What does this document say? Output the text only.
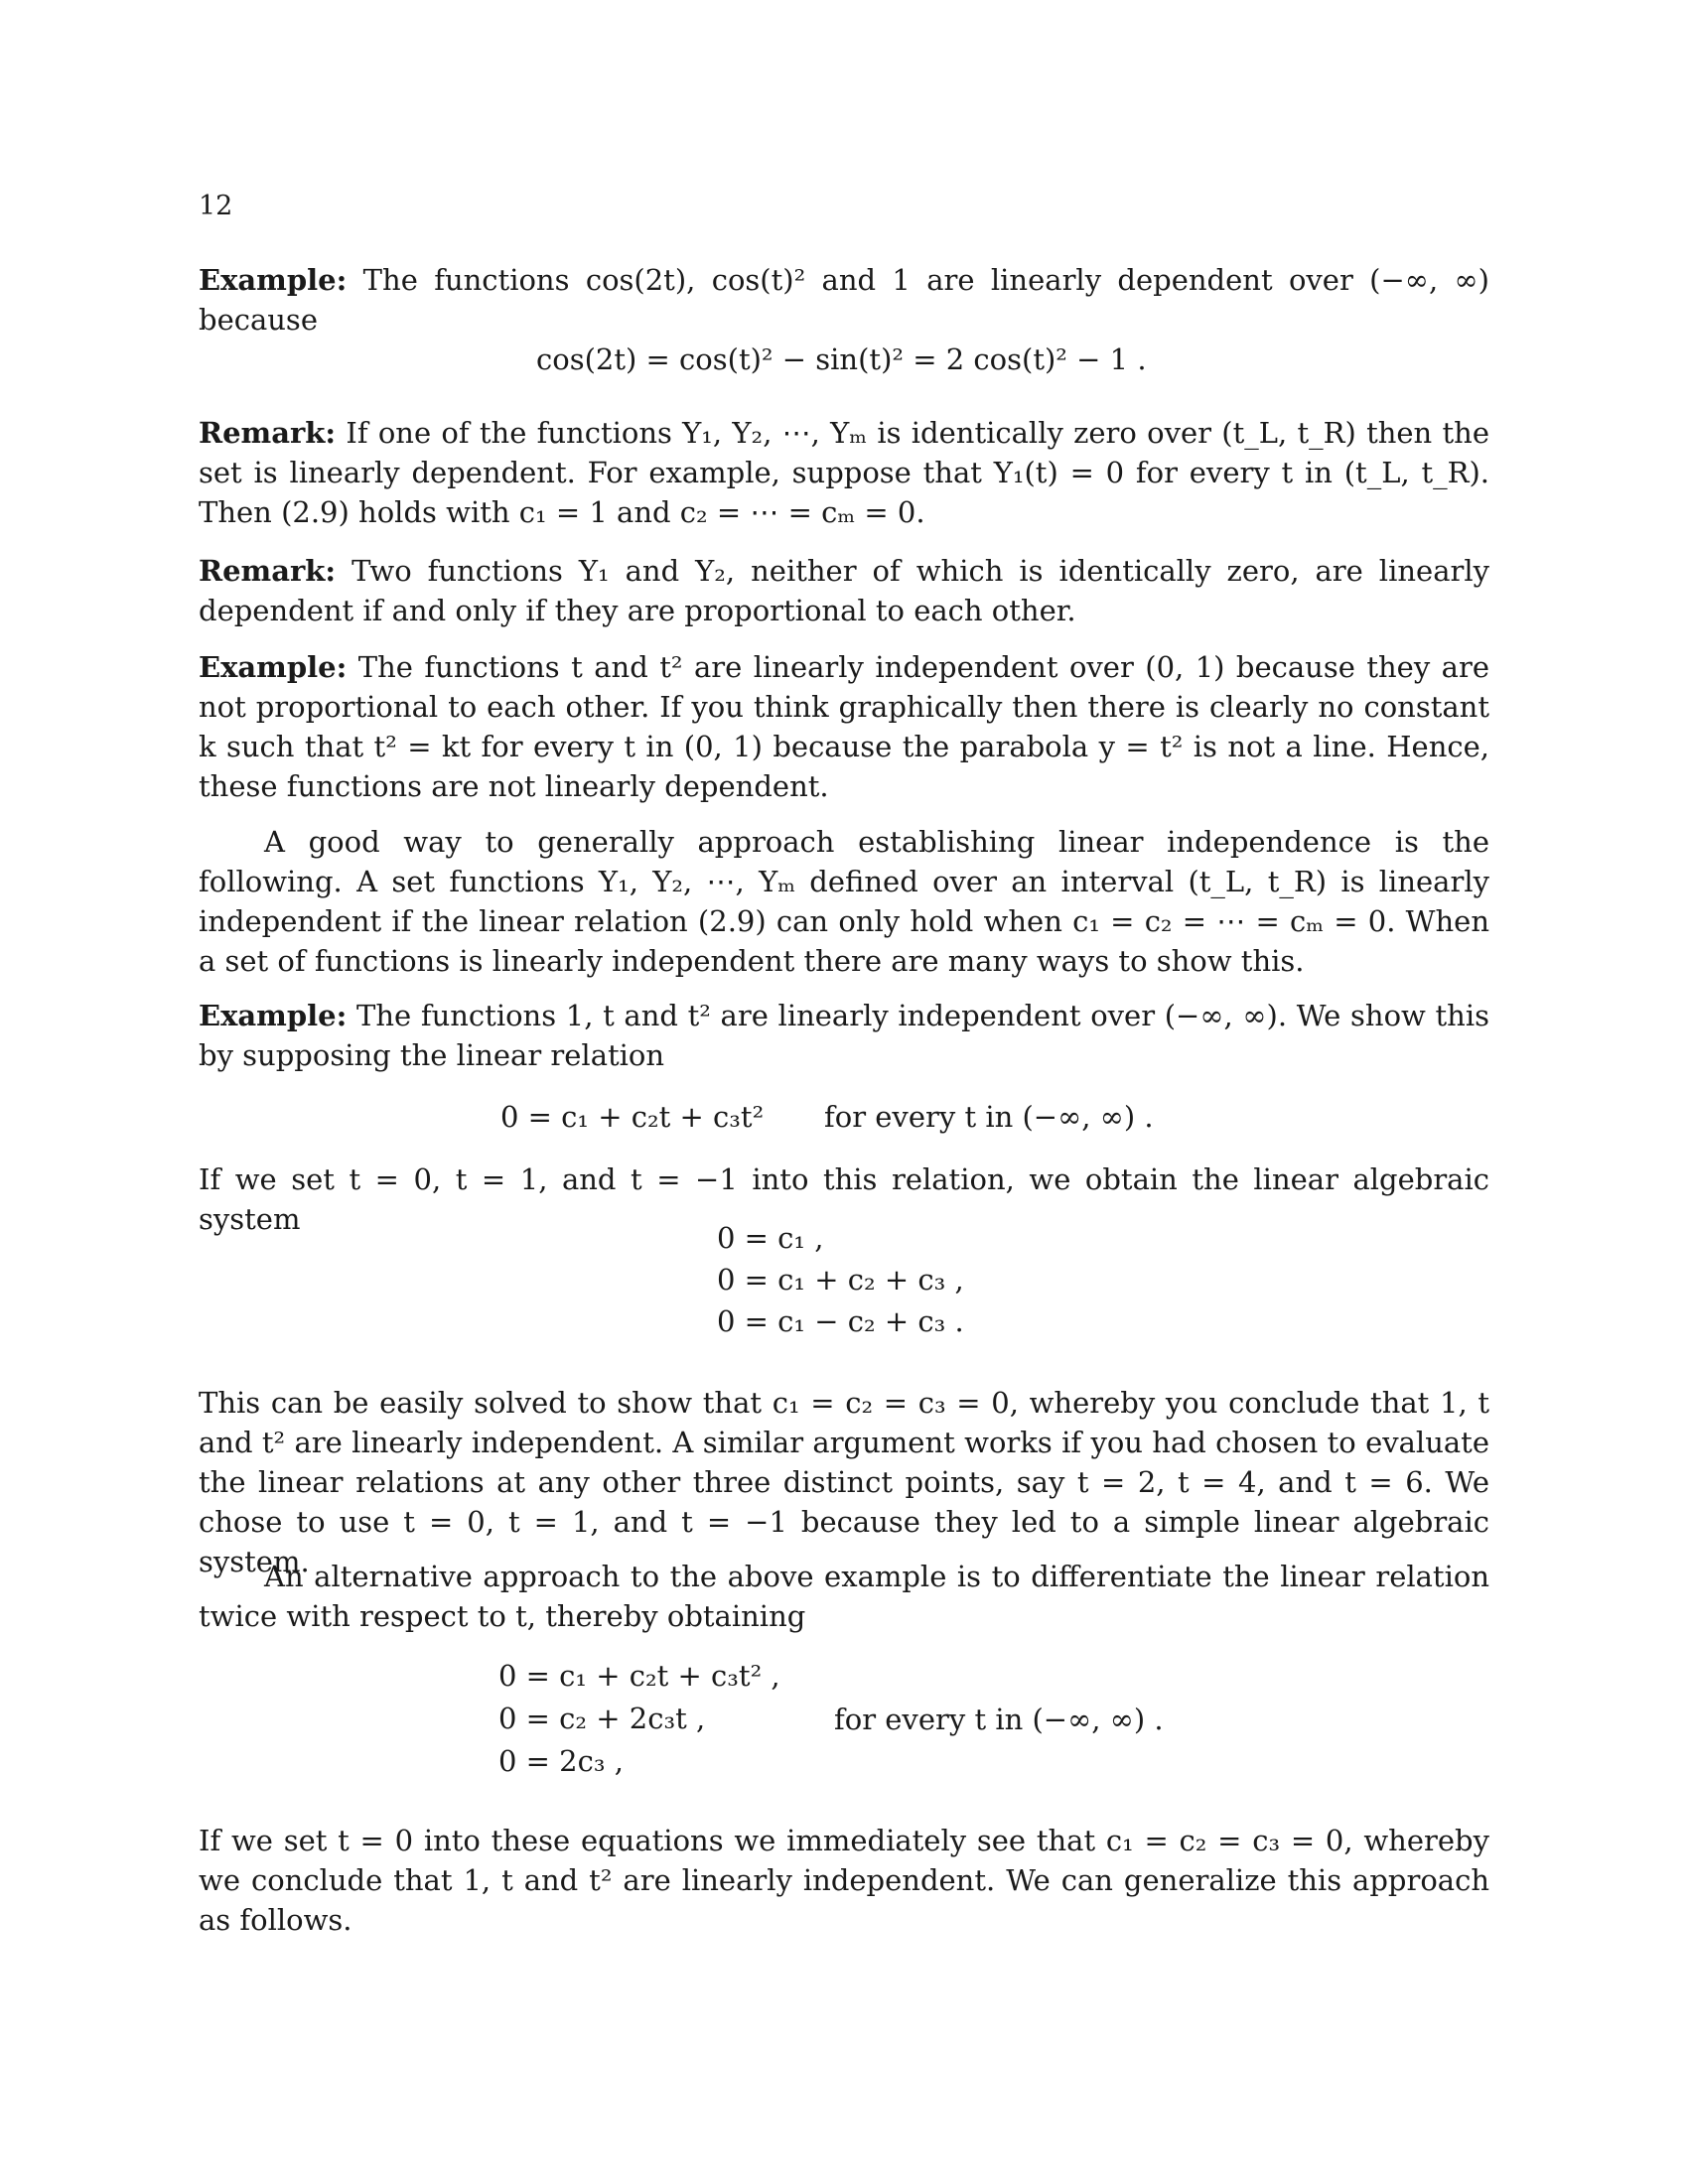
12

Example: The functions cos(2t), cos(t)² and 1 are linearly dependent over (−∞, ∞) because

cos(2t) = cos(t)² − sin(t)² = 2 cos(t)² − 1 .

Remark: If one of the functions Y₁, Y₂, ⋯, Yₘ is identically zero over (t_L, t_R) then the set is linearly dependent. For example, suppose that Y₁(t) = 0 for every t in (t_L, t_R). Then (2.9) holds with c₁ = 1 and c₂ = ⋯ = cₘ = 0.

Remark: Two functions Y₁ and Y₂, neither of which is identically zero, are linearly dependent if and only if they are proportional to each other.

Example: The functions t and t² are linearly independent over (0, 1) because they are not proportional to each other. If you think graphically then there is clearly no constant k such that t² = kt for every t in (0, 1) because the parabola y = t² is not a line. Hence, these functions are not linearly dependent.

A good way to generally approach establishing linear independence is the following. A set functions Y₁, Y₂, ⋯, Yₘ defined over an interval (t_L, t_R) is linearly independent if the linear relation (2.9) can only hold when c₁ = c₂ = ⋯ = cₘ = 0. When a set of functions is linearly independent there are many ways to show this.

Example: The functions 1, t and t² are linearly independent over (−∞, ∞). We show this by supposing the linear relation

0 = c₁ + c₂t + c₃t² for every t in (−∞, ∞) .

If we set t = 0, t = 1, and t = −1 into this relation, we obtain the linear algebraic system

0 = c₁ ,
0 = c₁ + c₂ + c₃ ,
0 = c₁ − c₂ + c₃ .

This can be easily solved to show that c₁ = c₂ = c₃ = 0, whereby you conclude that 1, t and t² are linearly independent. A similar argument works if you had chosen to evaluate the linear relations at any other three distinct points, say t = 2, t = 4, and t = 6. We chose to use t = 0, t = 1, and t = −1 because they led to a simple linear algebraic system.

An alternative approach to the above example is to differentiate the linear relation twice with respect to t, thereby obtaining

0 = c₁ + c₂t + c₃t² ,
0 = c₂ + 2c₃t ,
0 = 2c₃ ,
for every t in (−∞, ∞) .

If we set t = 0 into these equations we immediately see that c₁ = c₂ = c₃ = 0, whereby we conclude that 1, t and t² are linearly independent. We can generalize this approach as follows.
